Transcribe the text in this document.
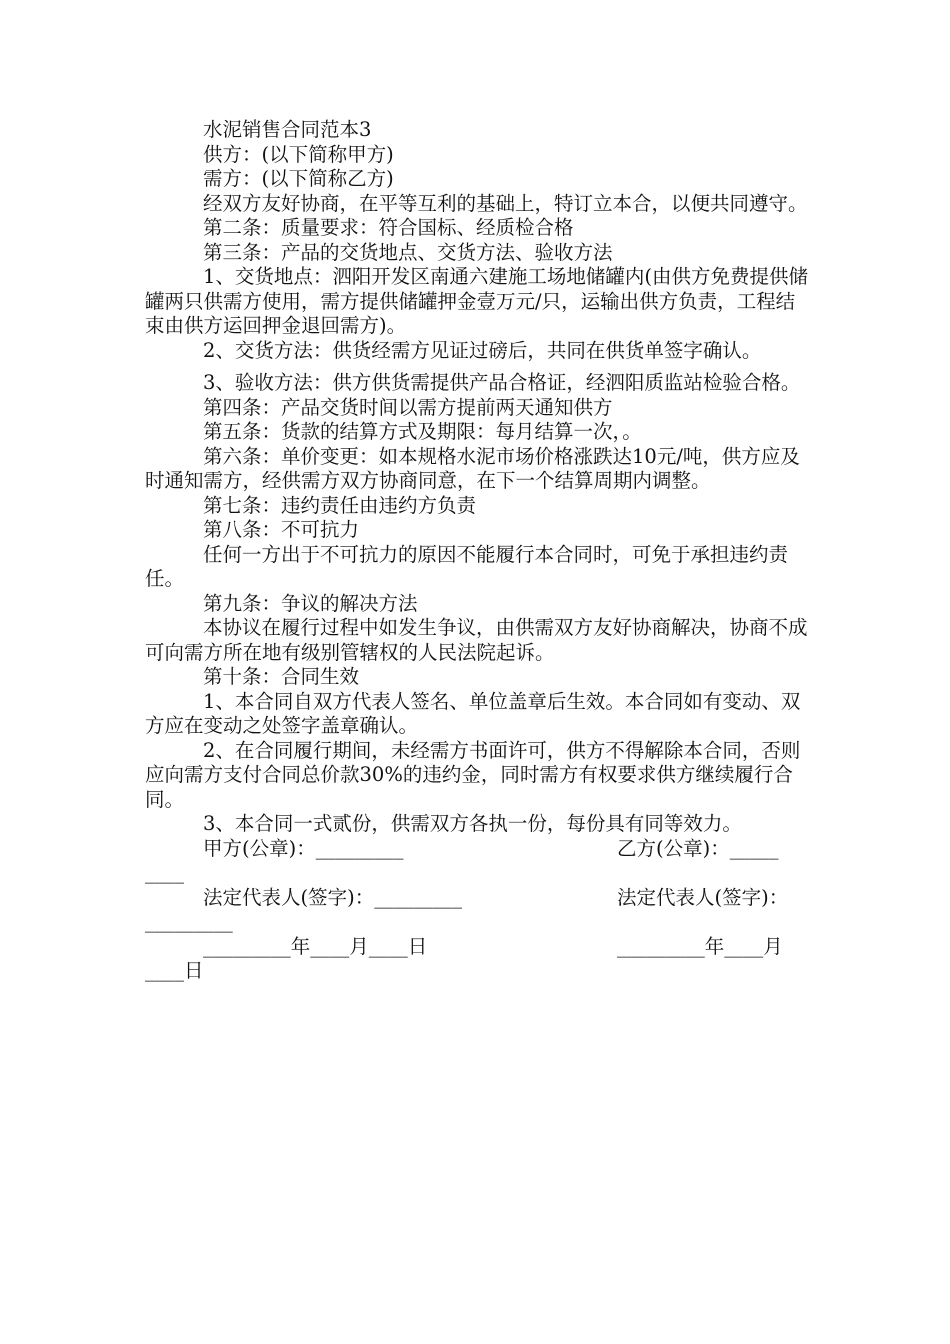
水泥销售合同范本3

供方：(以下简称甲方)

需方：(以下简称乙方)

经双方友好协商，在平等互利的基础上，特订立本合，以便共同遵守。

第二条：质量要求：符合国标、经质检合格

第三条：产品的交货地点、交货方法、验收方法

1、交货地点：泗阳开发区南通六建施工场地储罐内(由供方免费提供储罐两只供需方使用，需方提供储罐押金壹万元/只，运输出供方负责，工程结束由供方运回押金退回需方)。

2、交货方法：供货经需方见证过磅后，共同在供货单签字确认。

3、验收方法：供方供货需提供产品合格证，经泗阳质监站检验合格。

第四条：产品交货时间以需方提前两天通知供方

第五条：货款的结算方式及期限：每月结算一次，。

第六条：单价变更：如本规格水泥市场价格涨跌达10元/吨，供方应及时通知需方，经供需方双方协商同意，在下一个结算周期内调整。

第七条：违约责任由违约方负责

第八条：不可抗力

任何一方出于不可抗力的原因不能履行本合同时，可免于承担违约责任。

第九条：争议的解决方法

本协议在履行过程中如发生争议，由供需双方友好协商解决，协商不成可向需方所在地有级别管辖权的人民法院起诉。

第十条：合同生效

1、本合同自双方代表人签名、单位盖章后生效。本合同如有变动、双方应在变动之处签字盖章确认。

2、在合同履行期间，未经需方书面许可，供方不得解除本合同，否则应向需方支付合同总价款30%的违约金，同时需方有权要求供方继续履行合同。

3、本合同一式贰份，供需双方各执一份，每份具有同等效力。

甲方(公章)：_________

	乙方(公章)：_____

____

法定代表人(签字)：_________

	法定代表人(签字)：

_________

_________年____月____日

	_________年____月

____日
